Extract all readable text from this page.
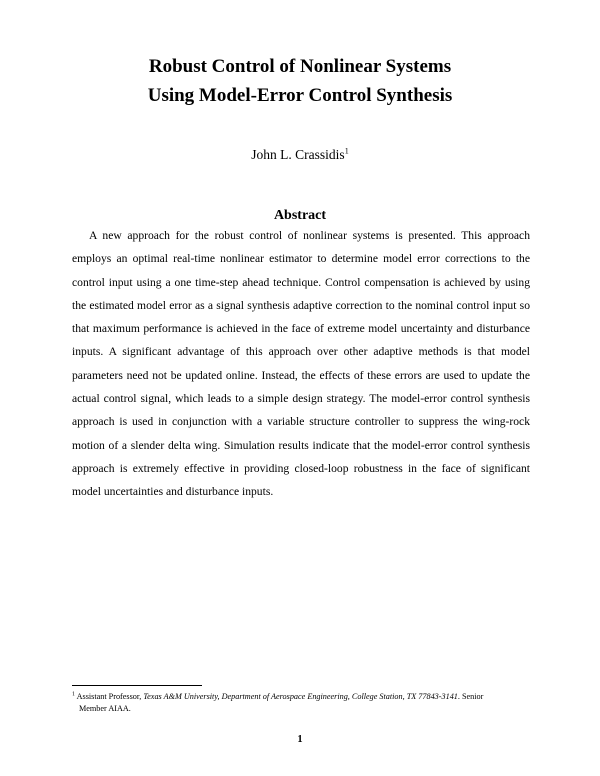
Robust Control of Nonlinear Systems
Using Model-Error Control Synthesis
John L. Crassidis$^1$
Abstract

A new approach for the robust control of nonlinear systems is presented. This approach employs an optimal real-time nonlinear estimator to determine model error corrections to the control input using a one time-step ahead technique. Control compensation is achieved by using the estimated model error as a signal synthesis adaptive correction to the nominal control input so that maximum performance is achieved in the face of extreme model uncertainty and disturbance inputs. A significant advantage of this approach over other adaptive methods is that model parameters need not be updated online. Instead, the effects of these errors are used to update the actual control signal, which leads to a simple design strategy. The model-error control synthesis approach is used in conjunction with a variable structure controller to suppress the wing-rock motion of a slender delta wing. Simulation results indicate that the model-error control synthesis approach is extremely effective in providing closed-loop robustness in the face of significant model uncertainties and disturbance inputs.

$^1$ Assistant Professor, Texas A&M University, Department of Aerospace Engineering, College Station, TX 77843-3141. Senior
Member AIAA.

1
